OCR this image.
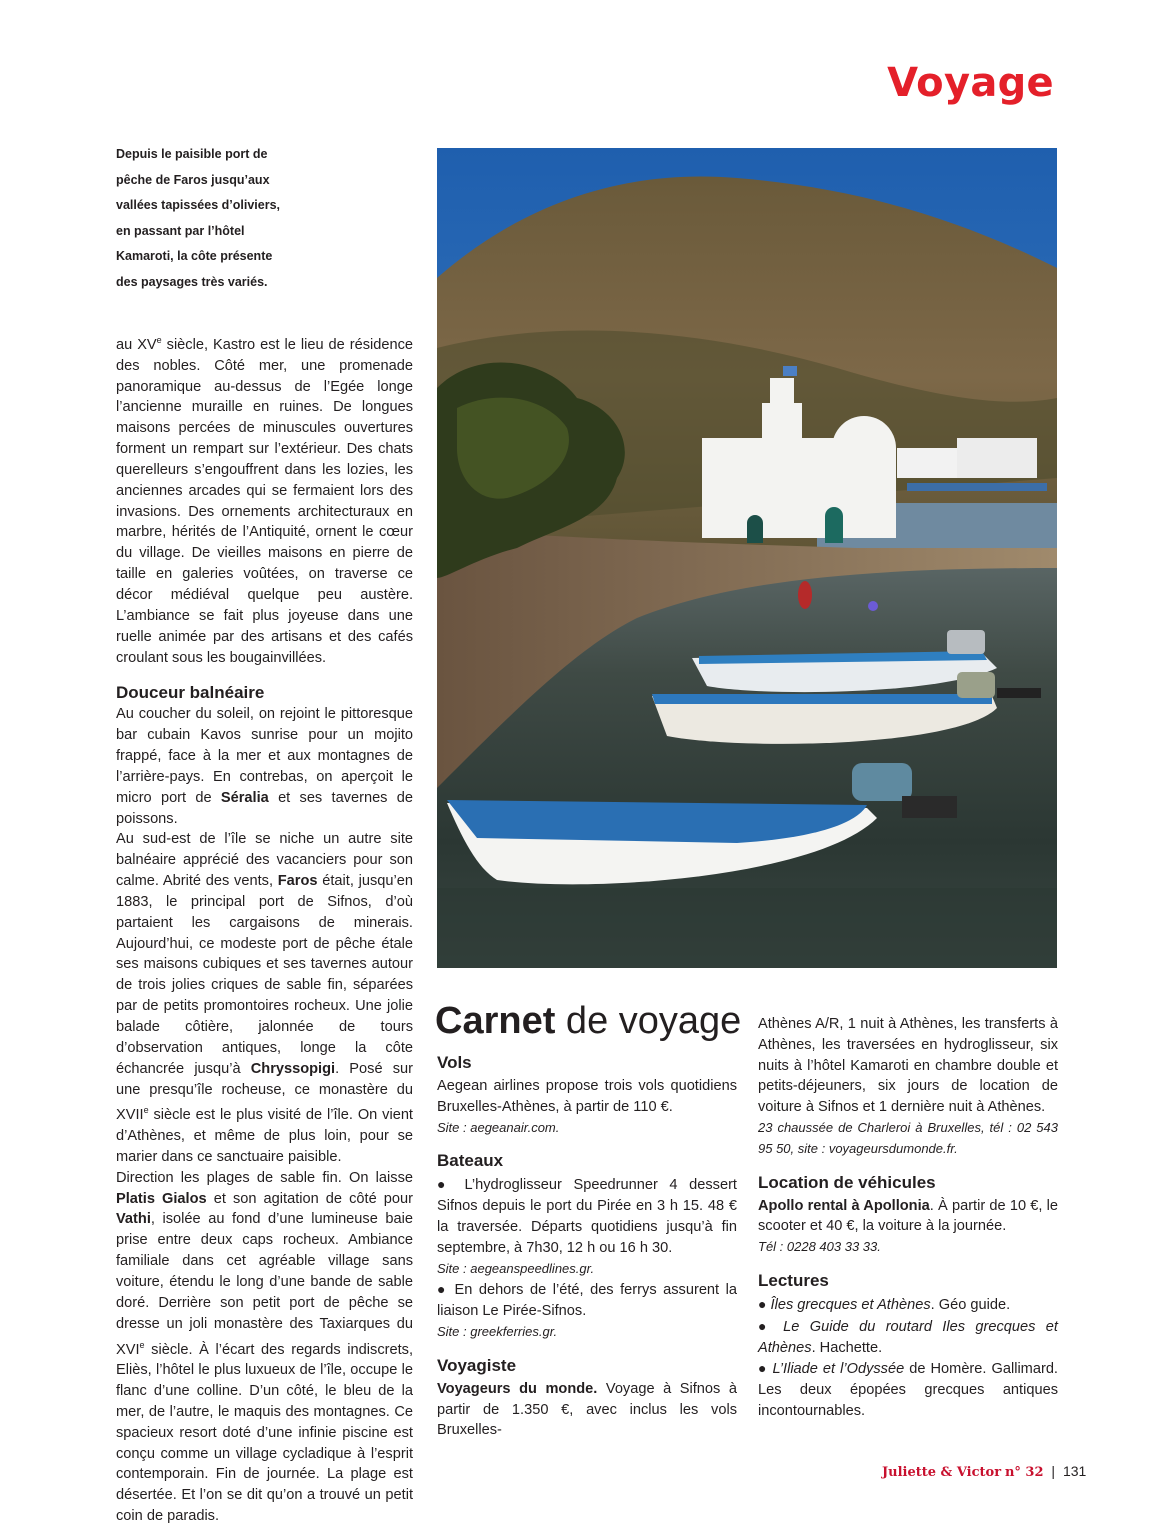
Voyage
Depuis le paisible port de
pêche de Faros jusqu’aux
vallées tapissées d’oliviers,
en passant par l’hôtel
Kamaroti, la côte présente
des paysages très variés.

au XVe siècle, Kastro est le lieu de résidence des nobles. Côté mer, une promenade panoramique au-dessus de l’Egée longe l’ancienne muraille en ruines. De longues maisons percées de minuscules ouvertures forment un rempart sur l’extérieur. Des chats querelleurs s’engouffrent dans les lozies, les anciennes arcades qui se fermaient lors des invasions. Des ornements architecturaux en marbre, hérités de l’Antiquité, ornent le cœur du village. De vieilles maisons en pierre de taille en galeries voûtées, on traverse ce décor médiéval quelque peu austère. L’ambiance se fait plus joyeuse dans une ruelle animée par des artisans et des cafés croulant sous les bougainvillées.

Douceur balnéaire

Au coucher du soleil, on rejoint le pittoresque bar cubain Kavos sunrise pour un mojito frappé, face à la mer et aux montagnes de l’arrière-pays. En contrebas, on aperçoit le micro port de Séralia et ses tavernes de poissons.

Au sud-est de l’île se niche un autre site balnéaire apprécié des vacanciers pour son calme. Abrité des vents, Faros était, jusqu’en 1883, le principal port de Sifnos, d’où partaient les cargaisons de minerais. Aujourd’hui, ce modeste port de pêche étale ses maisons cubiques et ses tavernes autour de trois jolies criques de sable fin, séparées par de petits promontoires rocheux. Une jolie balade côtière, jalonnée de tours d’observation antiques, longe la côte échancrée jusqu’à Chryssopigi. Posé sur une presqu’île rocheuse, ce monastère du XVIIe siècle est le plus visité de l’île. On vient d’Athènes, et même de plus loin, pour se marier dans ce sanctuaire paisible.

Direction les plages de sable fin. On laisse Platis Gialos et son agitation de côté pour Vathi, isolée au fond d’une lumineuse baie prise entre deux caps rocheux. Ambiance familiale dans cet agréable village sans voiture, étendu le long d’une bande de sable doré. Derrière son petit port de pêche se dresse un joli monastère des Taxiarques du XVIe siècle. À l’écart des regards indiscrets, Eliès, l’hôtel le plus luxueux de l’île, occupe le flanc d’une colline. D’un côté, le bleu de la mer, de l’autre, le maquis des montagnes. Ce spacieux resort doté d’une infinie piscine est conçu comme un village cycladique à l’esprit contemporain. Fin de journée. La plage est désertée. Et l’on se dit qu’on a trouvé un petit coin de paradis.

Carnet de voyage
Vols

Aegean airlines propose trois vols quotidiens Bruxelles-Athènes, à partir de 110 €.

Site : aegeanair.com.

Bateaux

● L’hydroglisseur Speedrunner 4 dessert Sifnos depuis le port du Pirée en 3 h 15. 48 € la traversée. Départs quotidiens jusqu’à fin septembre, à 7h30, 12 h ou 16 h 30.

Site : aegeanspeedlines.gr.

● En dehors de l’été, des ferrys assurent la liaison Le Pirée-Sifnos.

Site : greekferries.gr.

Voyagiste

Voyageurs du monde. Voyage à Sifnos à partir de 1.350 €, avec inclus les vols Bruxelles-

Athènes A/R, 1 nuit à Athènes, les transferts à Athènes, les traversées en hydroglisseur, six nuits à l’hôtel Kamaroti en chambre double et petits-déjeuners, six jours de location de voiture à Sifnos et 1 dernière nuit à Athènes.

23 chaussée de Charleroi à Bruxelles, tél : 02 543 95 50, site : voyageursdumonde.fr.

Location de véhicules

Apollo rental à Apollonia. À partir de 10 €, le scooter et 40 €, la voiture à la journée.

Tél : 0228 403 33 33.

Lectures

● Îles grecques et Athènes. Géo guide.

● Le Guide du routard Iles grecques et Athènes. Hachette.

● L’Iliade et l’Odyssée de Homère. Gallimard. Les deux épopées grecques antiques incontournables.

Juliette & Victor n° 32 | 131
